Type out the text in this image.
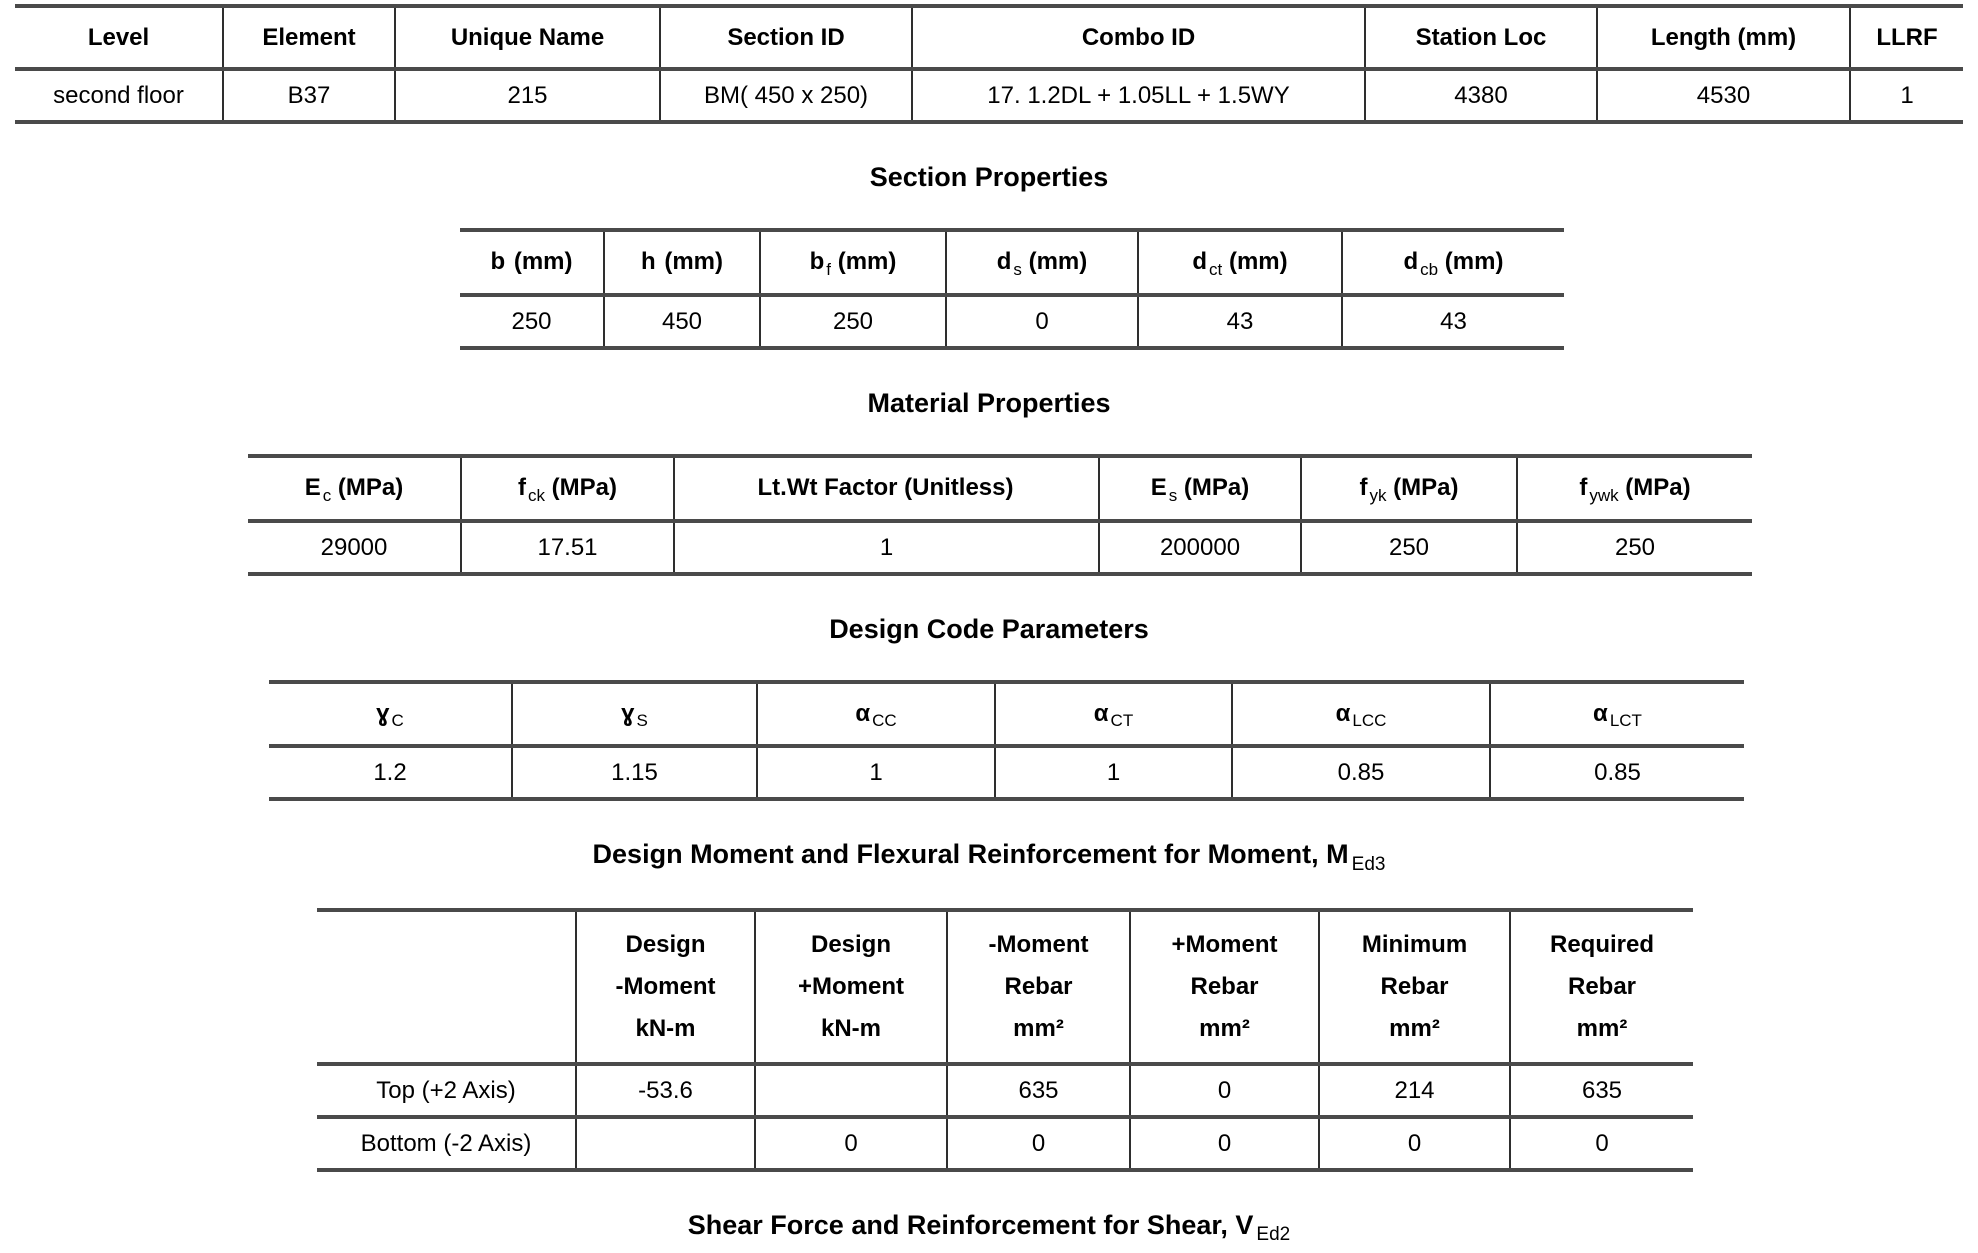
Level	Element	Unique Name	Section ID	Combo ID	Station Loc	Length (mm)	LLRF
second floor	B37	215	BM( 450 x 250)	17. 1.2DL + 1.05LL + 1.5WY	4380	4530	1
Section Properties
b (mm)	h (mm)	b $_f$ (mm)	d $_s$ (mm)	d $_{ct}$ (mm)	d $_{cb}$ (mm)
250	450	250	0	43	43
Material Properties
E $_c$ (MPa)	f $_{ck}$ (MPa)	Lt.Wt Factor (Unitless)	E $_s$ (MPa)	f $_{yk}$ (MPa)	f $_{ywk}$ (MPa)
29000	17.51	1	200000	250	250
Design Code Parameters
ɣ $_C$	ɣ $_S$	α $_{CC}$	α $_{CT}$	α $_{LCC}$	α $_{LCT}$
1.2	1.15	1	1	0.85	0.85
Design Moment and Flexural Reinforcement for Moment, M $_{Ed3}$

	Design
-Moment
kN-m	Design
+Moment
kN-m	-Moment
Rebar
mm²	+Moment
Rebar
mm²	Minimum
Rebar
mm²	Required
Rebar
mm²

Top (+2 Axis)	-53.6		635	0	214	635
Bottom (-2 Axis)		0	0	0	0	0
Shear Force and Reinforcement for Shear, V $_{Ed2}$
